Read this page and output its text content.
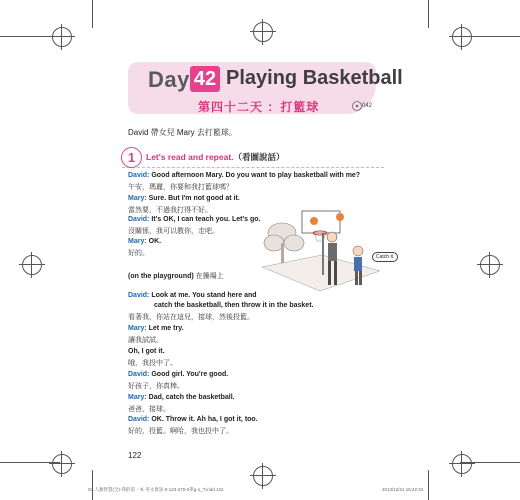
Day 42 Playing Basketball
第四十二天 ：打籃球	042
David 帶女兒 Mary 去打籃球。
1	Let's read and repeat.（看圖說話）
David: Good afternoon Mary. Do you want to play basketball with me?
午安，瑪麗，你要和我打籃球嗎？
Mary: Sure. But I'm not good at it.
當然要，不過我打得不好。
David: It's OK, I can teach you. Let's go.
沒關係，我可以教你，走吧。
Mary: OK.
好的。
(on the playground) 在操場上
Catch it.
David: Look at me. You stand here and
catch the basketball, then throw it in the basket.
看著我，你站在這兒，接球，然後投籃。
Mary: Let me try.
讓我試試。
Oh, I got it.
哦，我投中了。
David: Good girl. You're good.
好孩子，你真棒。
Mary: Dad, catch the basketball.
爸爸，接球。
David: OK. Throw it. Ah ha, I got it, too.
好的，投籃。啊哈，我也投中了。
122
03-人類智慧(全)-我的第一本 英文會話-0-123-270-0單g-1_T.indd 122	2013/12/21 15:42:34
